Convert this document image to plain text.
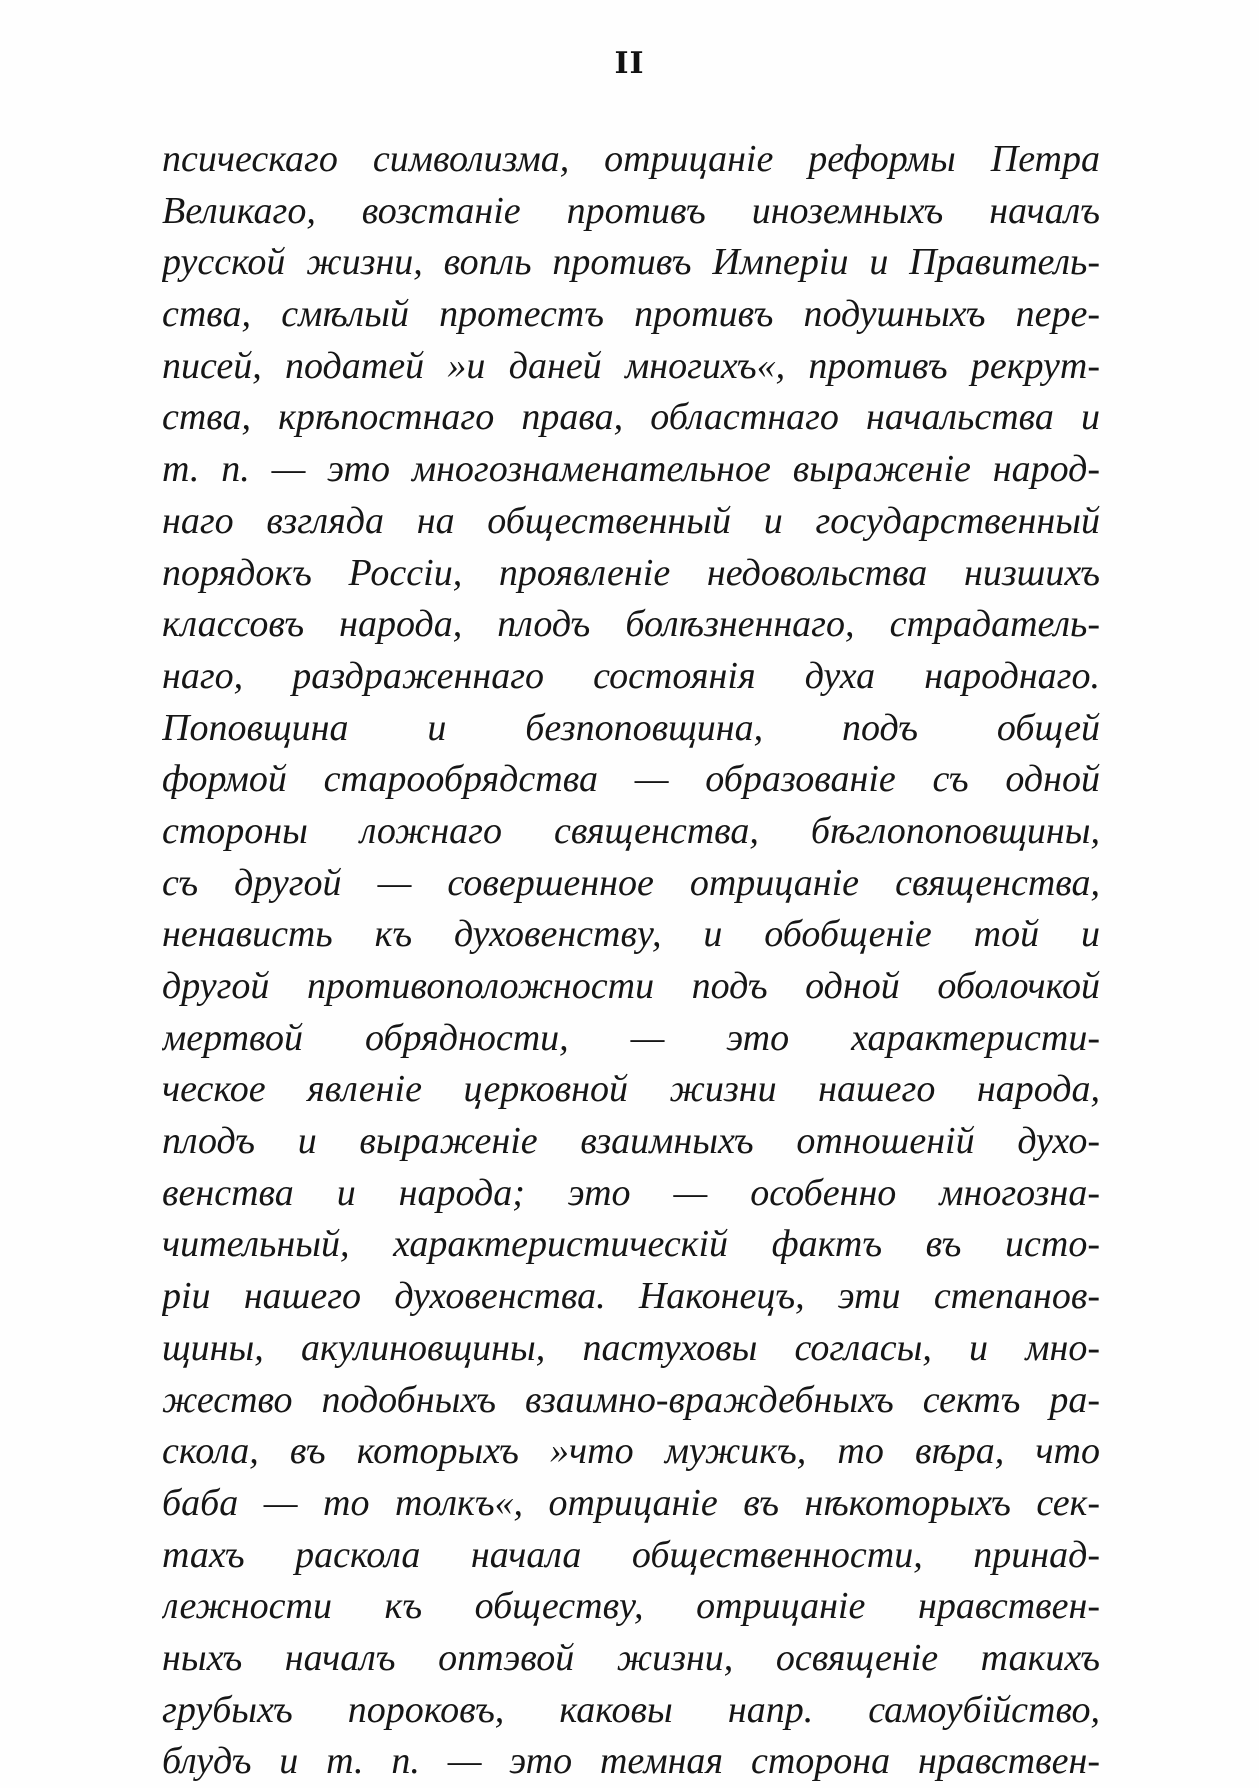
II
псическаго символизма, отрицаніе реформы Петра
Великаго, возстаніе противъ иноземныхъ началъ
русской жизни, вопль противъ Имперіи и Правитель-
ства, смѣлый протестъ противъ подушныхъ пере-
писей, податей »и даней многихъ«, противъ рекрут-
ства, крѣпостнаго права, областнаго начальства и
т. п. — это многознаменательное выраженіе народ-
наго взгляда на общественный и государственный
порядокъ Россіи, проявленіе недовольства низшихъ
классовъ народа, плодъ болѣзненнаго, страдатель-
наго, раздраженнаго состоянія духа народнаго.
Поповщина и безпоповщина, подъ общей
формой старообрядства — образованіе съ одной
стороны ложнаго священства, бѣглопоповщины,
съ другой — совершенное отрицаніе священства,
ненависть къ духовенству, и обобщеніе той и
другой противоположности подъ одной оболочкой
мертвой обрядности, — это характеристи-
ческое явленіе церковной жизни нашего народа,
плодъ и выраженіе взаимныхъ отношеній духо-
венства и народа; это — особенно многозна-
чительный, характеристическій фактъ въ исто-
ріи нашего духовенства. Наконецъ, эти степанов-
щины, акулиновщины, пастуховы согласы, и мно-
жество подобныхъ взаимно-враждебныхъ сектъ ра-
скола, въ которыхъ »что мужикъ, то вѣра, что
баба — то толкъ«, отрицаніе въ нѣкоторыхъ сек-
тахъ раскола начала общественности, принад-
лежности къ обществу, отрицаніе нравствен-
ныхъ началъ оптэвой жизни, освященіе такихъ
грубыхъ пороковъ, каковы напр. самоубійство,
блудъ и т. п. — это темная сторона нравствен-
